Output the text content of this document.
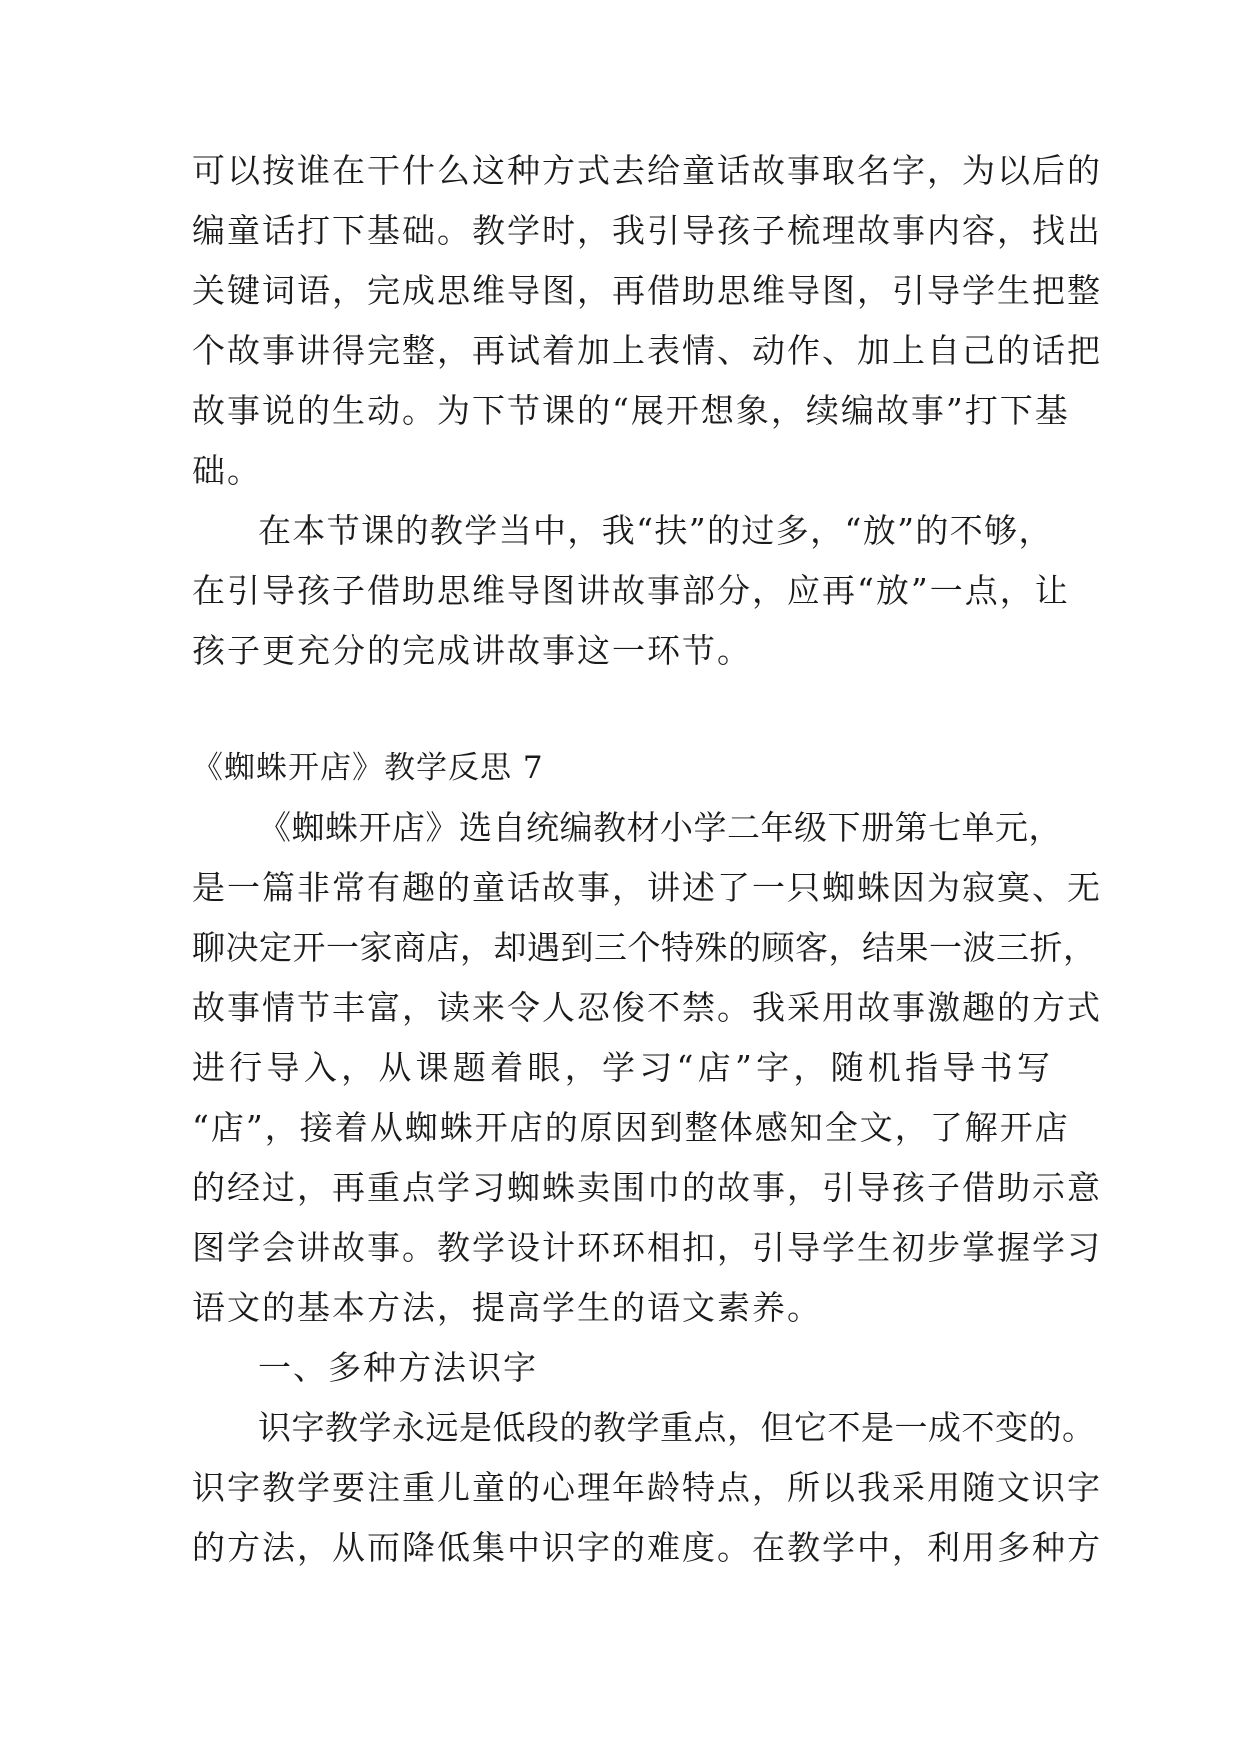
可以按谁在干什么这种方式去给童话故事取名字，为以后的
编童话打下基础。教学时，我引导孩子梳理故事内容，找出
关键词语，完成思维导图，再借助思维导图，引导学生把整
个故事讲得完整，再试着加上表情、动作、加上自己的话把
故事说的生动。为下节课的“展开想象，续编故事”打下基
础。
在本节课的教学当中，我“扶”的过多，“放”的不够，
在引导孩子借助思维导图讲故事部分，应再“放”一点，让
孩子更充分的完成讲故事这一环节。
《蜘蛛开店》教学反思 7
《蜘蛛开店》选自统编教材小学二年级下册第七单元，
是一篇非常有趣的童话故事，讲述了一只蜘蛛因为寂寞、无
聊决定开一家商店，却遇到三个特殊的顾客，结果一波三折，
故事情节丰富，读来令人忍俊不禁。我采用故事激趣的方式
进行导入，从课题着眼，学习“店”字，随机指导书写
“店”，接着从蜘蛛开店的原因到整体感知全文，了解开店
的经过，再重点学习蜘蛛卖围巾的故事，引导孩子借助示意
图学会讲故事。教学设计环环相扣，引导学生初步掌握学习
语文的基本方法，提高学生的语文素养。
一、多种方法识字
识字教学永远是低段的教学重点，但它不是一成不变的。
识字教学要注重儿童的心理年龄特点，所以我采用随文识字
的方法，从而降低集中识字的难度。在教学中，利用多种方
